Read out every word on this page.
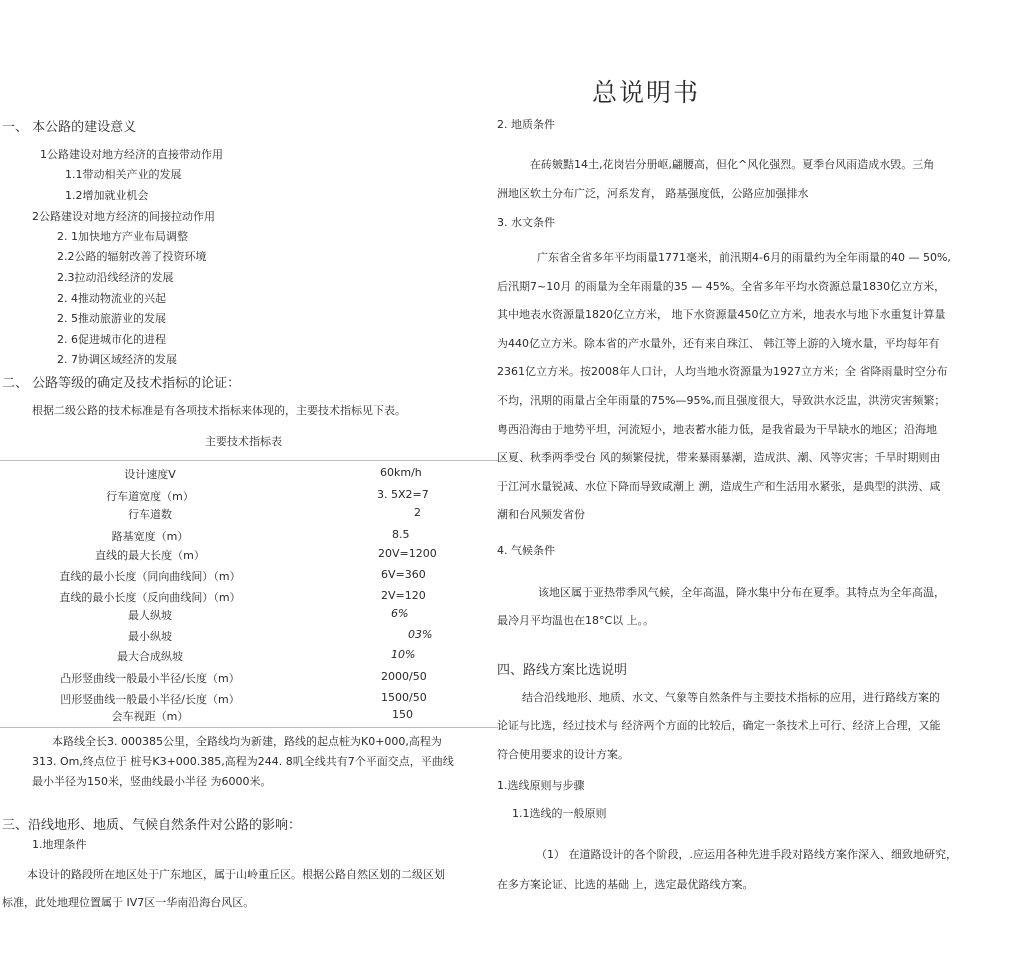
总说明书
一、 本公路的建设意义
1公路建设对地方经济的直接带动作用
1.1带动相关产业的发展
1.2增加就业机会
2公路建设对地方经济的间接拉动作用
2. 1加快地方产业布局调整
2.2公路的辐射改善了投资环境
2.3拉动沿线经济的发展
2. 4推动物流业的兴起
2. 5推动旅游业的发展
2. 6促进城市化的进程
2. 7协调区域经济的发展
二、 公路等级的确定及技术指标的论证：
根据二级公路的技术标准是有各项技术指标来体现的，主要技术指标见下表。
主要技术指标表
设计速度V	60km/h
行车道宽度（m）	3. 5X2=7
行车道数	2
路基宽度（m）	8.5
直线的最大长度（m）	20V=1200
直线的最小长度（同向曲线间）（m）	6V=360
直线的最小长度（反向曲线间）（m）	2V=120
最人纵坡	6%
最小纵坡	03%
最大合成纵坡	10%
凸形竖曲线一般最小半径/长度（m）	2000/50
凹形竖曲线一般最小半径/长度（m）	1500/50
会车视距（m）	150
本路线全长3. 000385公里，全路线均为新建，路线的起点桩为K0+000,高程为
313. Om,终点位于 桩号K3+000.385,高程为244. 8叽全线共有7个平面交点，平曲线
最小半径为150米，竖曲线最小半径 为6000米。
三、沿线地形、地质、气候自然条件对公路的影响：
1.地理条件
本设计的路段所在地区处于广东地区，属于山岭重丘区。根据公路自然区划的二级区划
标准，此处地理位置属于 IV7区一华南沿海台风区。
2. 地质条件
在砖皴黠14土,花岗岩分册岖,翩腰高，但化^风化强烈。夏季台风雨造成水毁。三角
洲地区软土分布广泛，河系发育， 路基强度低，公路应加强排水
3. 水文条件
广东省全省多年平均雨量1771毫米，前汛期4-6月的雨量约为全年雨量的40 — 50%,
后汛期7~10月 的雨量为全年雨量的35 — 45%。全省多年平均水资源总量1830亿立方米，
其中地表水资源量1820亿立方米， 地下水资源量450亿立方米，地表水与地下水重复计算量
为440亿立方米。除本省的产水量外，还有来自珠江、 韩江等上游的入境水量，平均每年有
2361亿立方米。按2008年人口计，人均当地水资源量为1927立方米；全 省降雨量时空分布
不均，汛期的雨量占全年雨量的75%—95%,而且强度很大，导致洪水泛盅，洪涝灾害频繁；
粤西沿海由于地势平坦，河流短小，地表蓄水能力低，是我省最为干旱缺水的地区；沿海地
区夏、秋季两季受台 风的频繁侵扰，带来暴雨暴潮，造成洪、潮、风等灾害；千旱时期则由
于江河水量锐减、水位下降而导致咸潮上 溯，造成生产和生活用水紧张，是典型的洪涝、咸
潮和台风频发省份
4. 气候条件
该地区属于亚热带季风气候，全年高温，降水集中分布在夏季。其特点为全年高温，
最冷月平均温也在18°C以 上。。
四、路线方案比选说明
结合沿线地形、地质、水文、气象等自然条件与主要技术指标的应用，进行路线方案的
论证与比选，经过技术与 经济两个方面的比较后，确定一条技术上可行、经济上合理，又能
符合使用要求的设计方案。
1.选线原则与步骤
1.1选线的一般原则
（1） 在道路设计的各个阶段，.应运用各种先进手段对路线方案作深入、细致地研究，
在多方案论证、比选的基础 上，选定最优路线方案。
